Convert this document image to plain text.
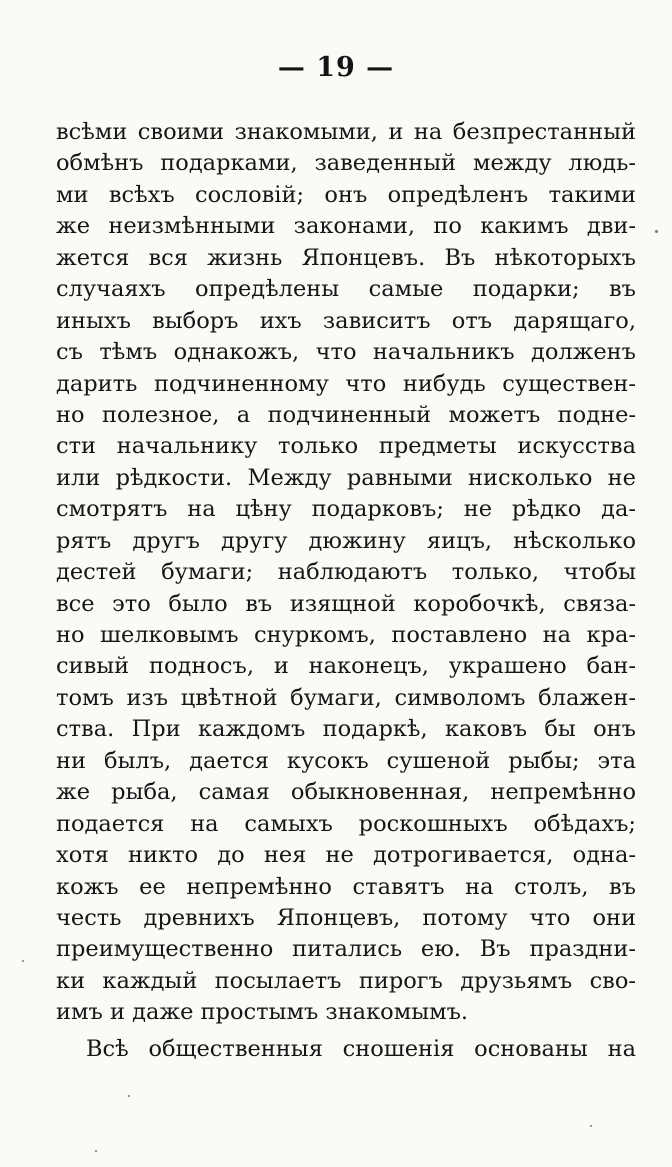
— 19 —
всѣми своими знакомыми, и на безпрестанный
обмѣнъ подарками, заведенный между людь-
ми всѣхъ сословій; онъ опредѣленъ такими
же неизмѣнными законами, по какимъ дви-
жется вся жизнь Японцевъ. Въ нѣкоторыхъ
случаяхъ опредѣлены самые подарки; въ
иныхъ выборъ ихъ зависитъ отъ дарящаго,
съ тѣмъ однакожъ, что начальникъ долженъ
дарить подчиненному что нибудь существен-
но полезное, а подчиненный можетъ подне-
сти начальнику только предметы искусства
или рѣдкости. Между равными нисколько не
смотрятъ на цѣну подарковъ; не рѣдко да-
рятъ другъ другу дюжину яицъ, нѣсколько
дестей бумаги; наблюдаютъ только, чтобы
все это было въ изящной коробочкѣ, связа-
но шелковымъ снуркомъ, поставлено на кра-
сивый подносъ, и наконецъ, украшено бан-
томъ изъ цвѣтной бумаги, символомъ блажен-
ства. При каждомъ подаркѣ, каковъ бы онъ
ни былъ, дается кусокъ сушеной рыбы; эта
же рыба, самая обыкновенная, непремѣнно
подается на самыхъ роскошныхъ обѣдахъ;
хотя никто до нея не дотрогивается, одна-
кожъ ее непремѣнно ставятъ на столъ, въ
честь древнихъ Японцевъ, потому что они
преимущественно питались ею. Въ праздни-
ки каждый посылаетъ пирогъ друзьямъ сво-
имъ и даже простымъ знакомымъ.
Всѣ общественныя сношенія основаны на
